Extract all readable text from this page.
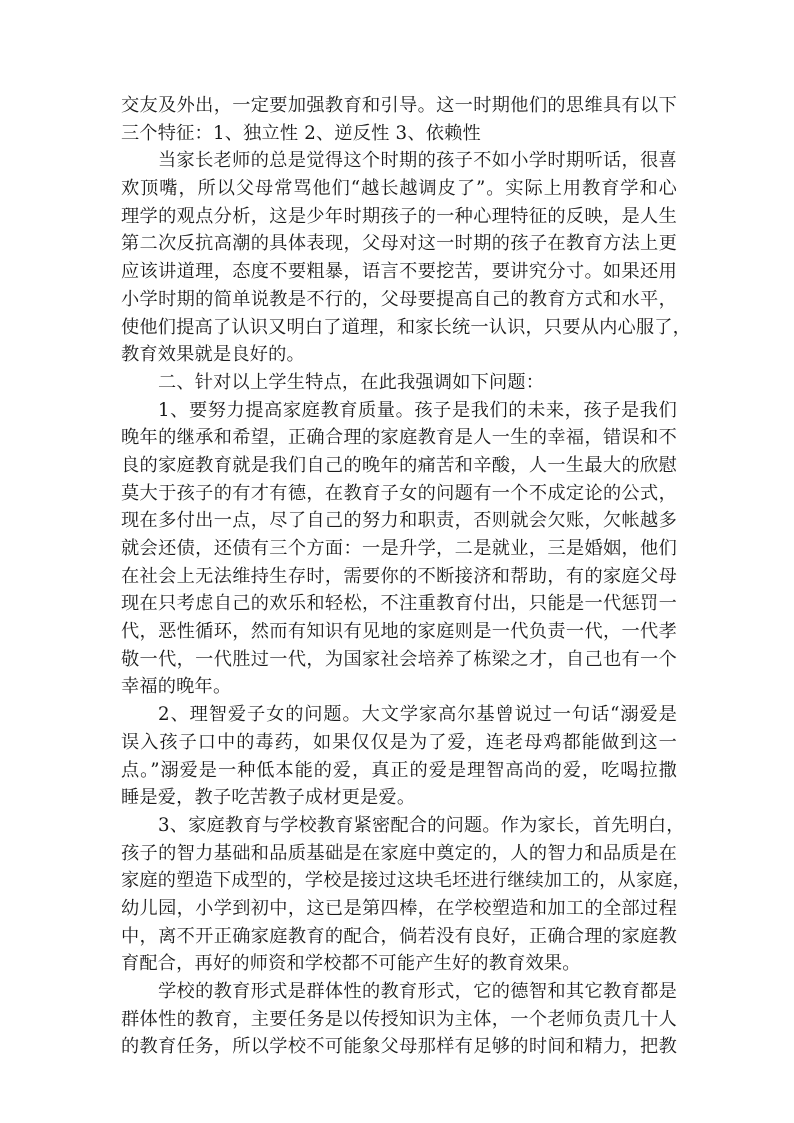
交友及外出，一定要加强教育和引导。这一时期他们的思维具有以下
三个特征：1、独立性 2、逆反性 3、依赖性
当家长老师的总是觉得这个时期的孩子不如小学时期听话，很喜
欢顶嘴，所以父母常骂他们“越长越调皮了”。实际上用教育学和心
理学的观点分析，这是少年时期孩子的一种心理特征的反映，是人生
第二次反抗高潮的具体表现，父母对这一时期的孩子在教育方法上更
应该讲道理，态度不要粗暴，语言不要挖苦，要讲究分寸。如果还用
小学时期的简单说教是不行的，父母要提高自己的教育方式和水平，
使他们提高了认识又明白了道理，和家长统一认识，只要从内心服了，
教育效果就是良好的。
二、针对以上学生特点，在此我强调如下问题：
1、要努力提高家庭教育质量。孩子是我们的未来，孩子是我们
晚年的继承和希望，正确合理的家庭教育是人一生的幸福，错误和不
良的家庭教育就是我们自己的晚年的痛苦和辛酸，人一生最大的欣慰
莫大于孩子的有才有德，在教育子女的问题有一个不成定论的公式，
现在多付出一点，尽了自己的努力和职责，否则就会欠账，欠帐越多
就会还债，还债有三个方面：一是升学，二是就业，三是婚姻，他们
在社会上无法维持生存时，需要你的不断接济和帮助，有的家庭父母
现在只考虑自己的欢乐和轻松，不注重教育付出，只能是一代惩罚一
代，恶性循环，然而有知识有见地的家庭则是一代负责一代，一代孝
敬一代，一代胜过一代，为国家社会培养了栋梁之才，自己也有一个
幸福的晚年。
2、理智爱子女的问题。大文学家高尔基曾说过一句话“溺爱是
误入孩子口中的毒药，如果仅仅是为了爱，连老母鸡都能做到这一
点。”溺爱是一种低本能的爱，真正的爱是理智高尚的爱，吃喝拉撒
睡是爱，教子吃苦教子成材更是爱。
3、家庭教育与学校教育紧密配合的问题。作为家长，首先明白，
孩子的智力基础和品质基础是在家庭中奠定的，人的智力和品质是在
家庭的塑造下成型的，学校是接过这块毛坯进行继续加工的，从家庭，
幼儿园，小学到初中，这已是第四棒，在学校塑造和加工的全部过程
中，离不开正确家庭教育的配合，倘若没有良好，正确合理的家庭教
育配合，再好的师资和学校都不可能产生好的教育效果。
学校的教育形式是群体性的教育形式，它的德智和其它教育都是
群体性的教育，主要任务是以传授知识为主体，一个老师负责几十人
的教育任务，所以学校不可能象父母那样有足够的时间和精力，把教
